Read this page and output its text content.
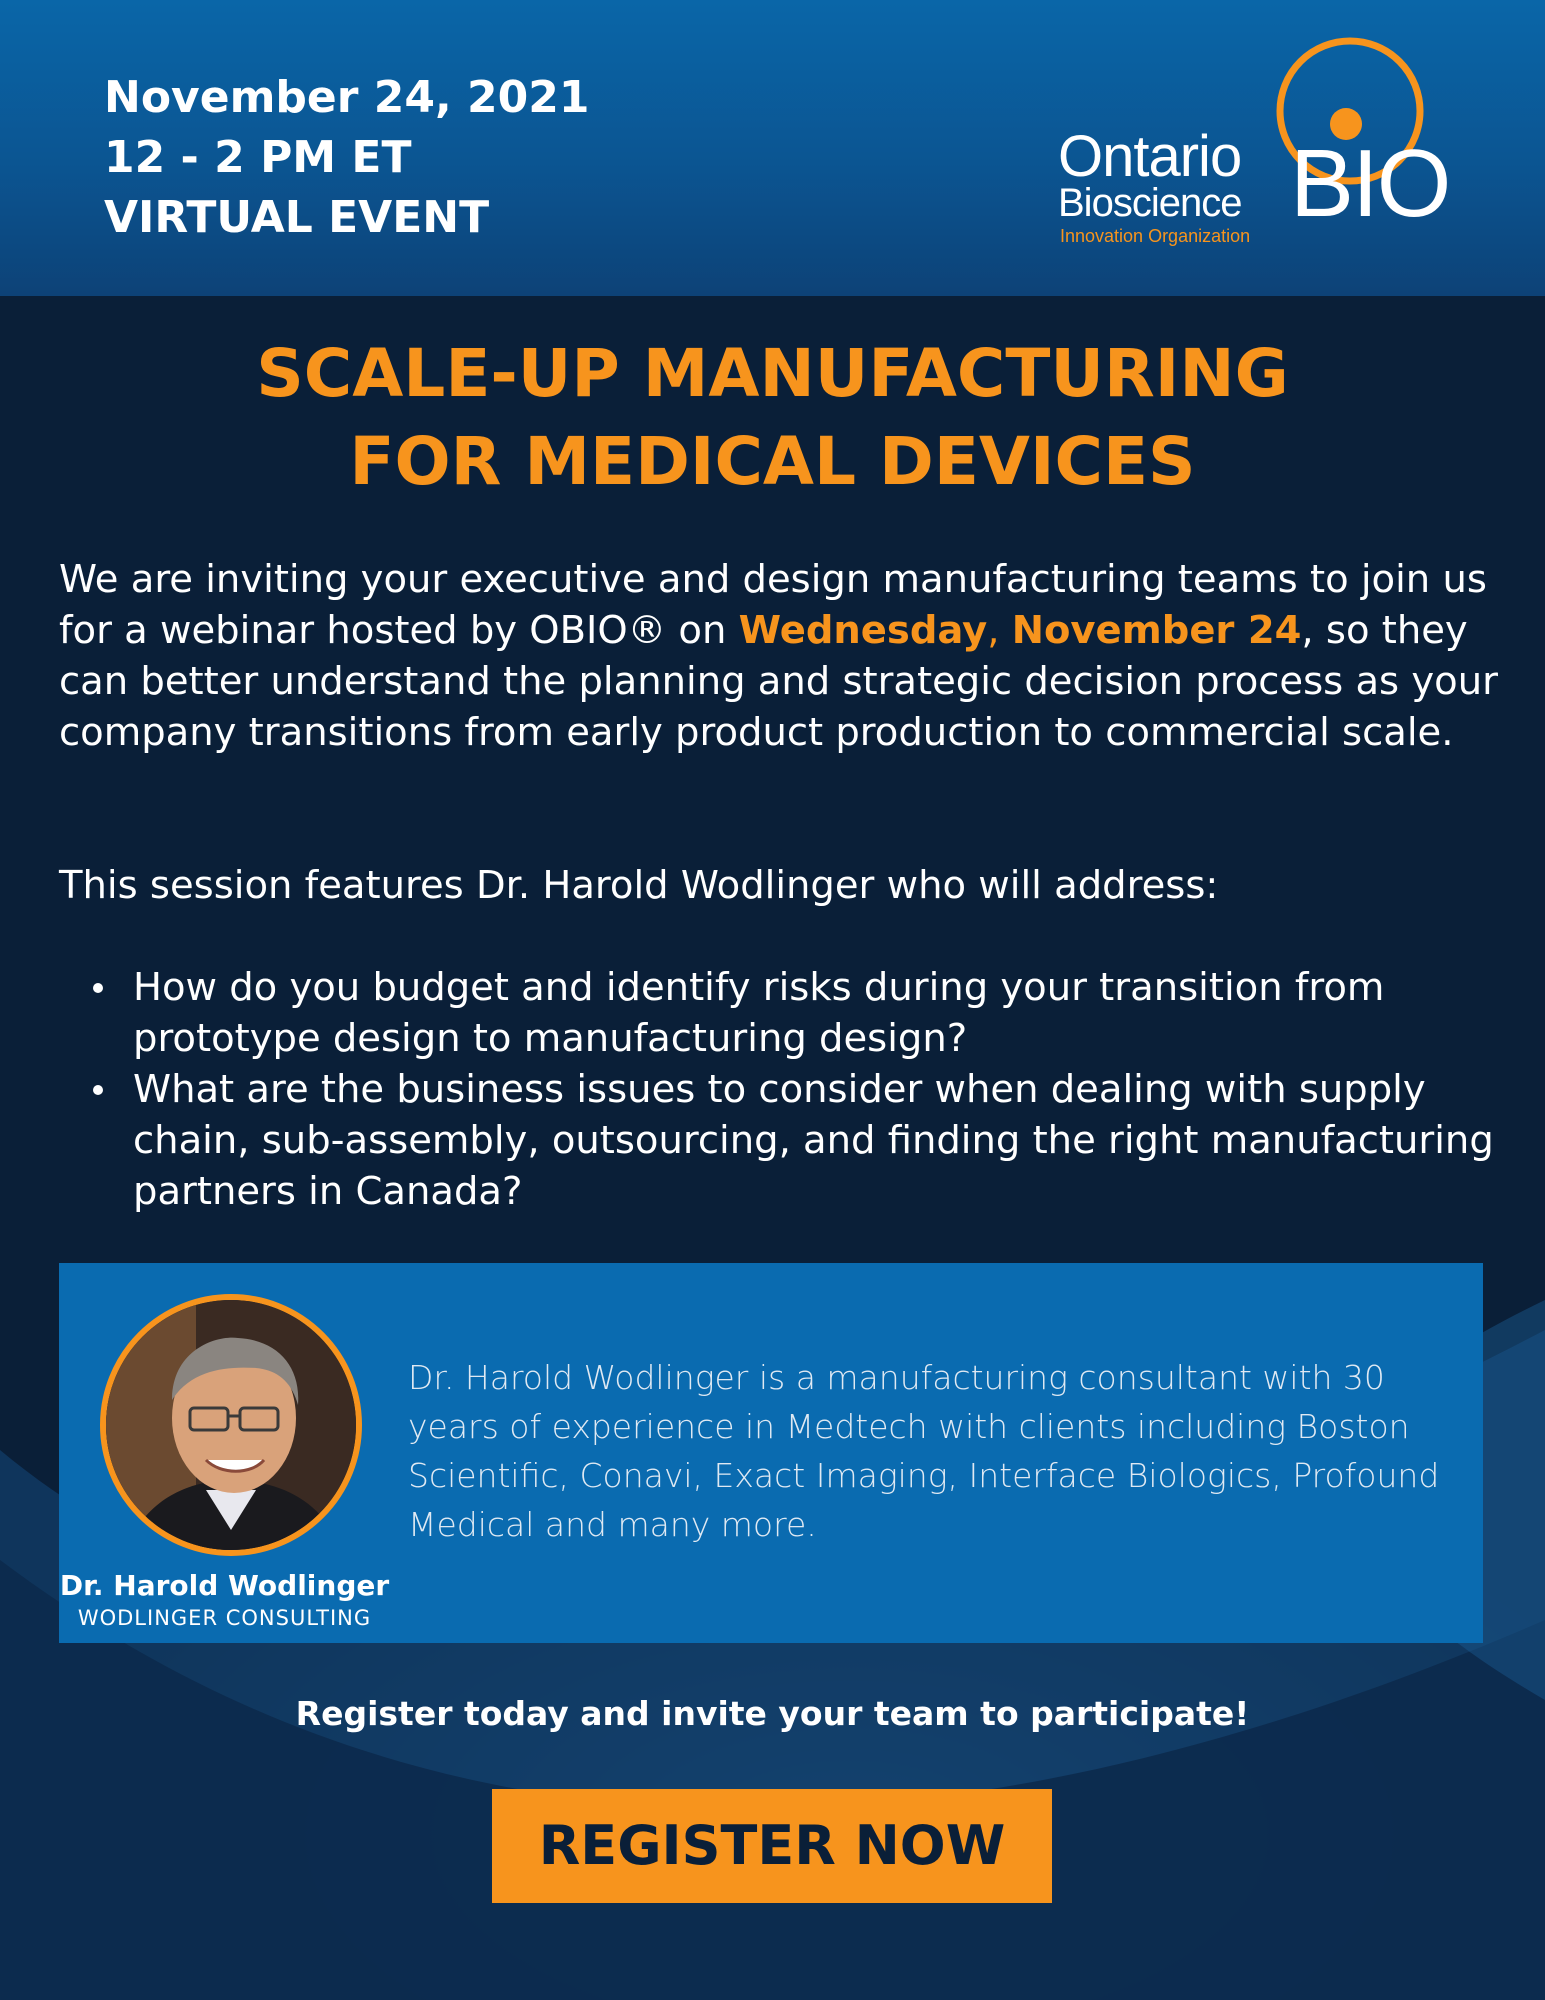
November 24, 2021
12 - 2 PM ET
VIRTUAL EVENT
Ontario
Bioscience
Innovation Organization BIO
SCALE-UP MANUFACTURING
FOR MEDICAL DEVICES

We are inviting your executive and design manufacturing teams to join us for a webinar hosted by OBIO® on Wednesday, November 24, so they can better understand the planning and strategic decision process as your company transitions from early product production to commercial scale.

This session features Dr. Harold Wodlinger who will address:

How do you budget and identify risks during your transition from prototype design to manufacturing design?
What are the business issues to consider when dealing with supply chain, sub-assembly, outsourcing, and finding the right manufacturing partners in Canada?
Dr. Harold Wodlinger
WODLINGER CONSULTING

Dr. Harold Wodlinger is a manufacturing consultant with 30 years of experience in Medtech with clients including Boston Scientific, Conavi, Exact Imaging, Interface Biologics, Profound Medical and many more.

Register today and invite your team to participate!
REGISTER NOW
